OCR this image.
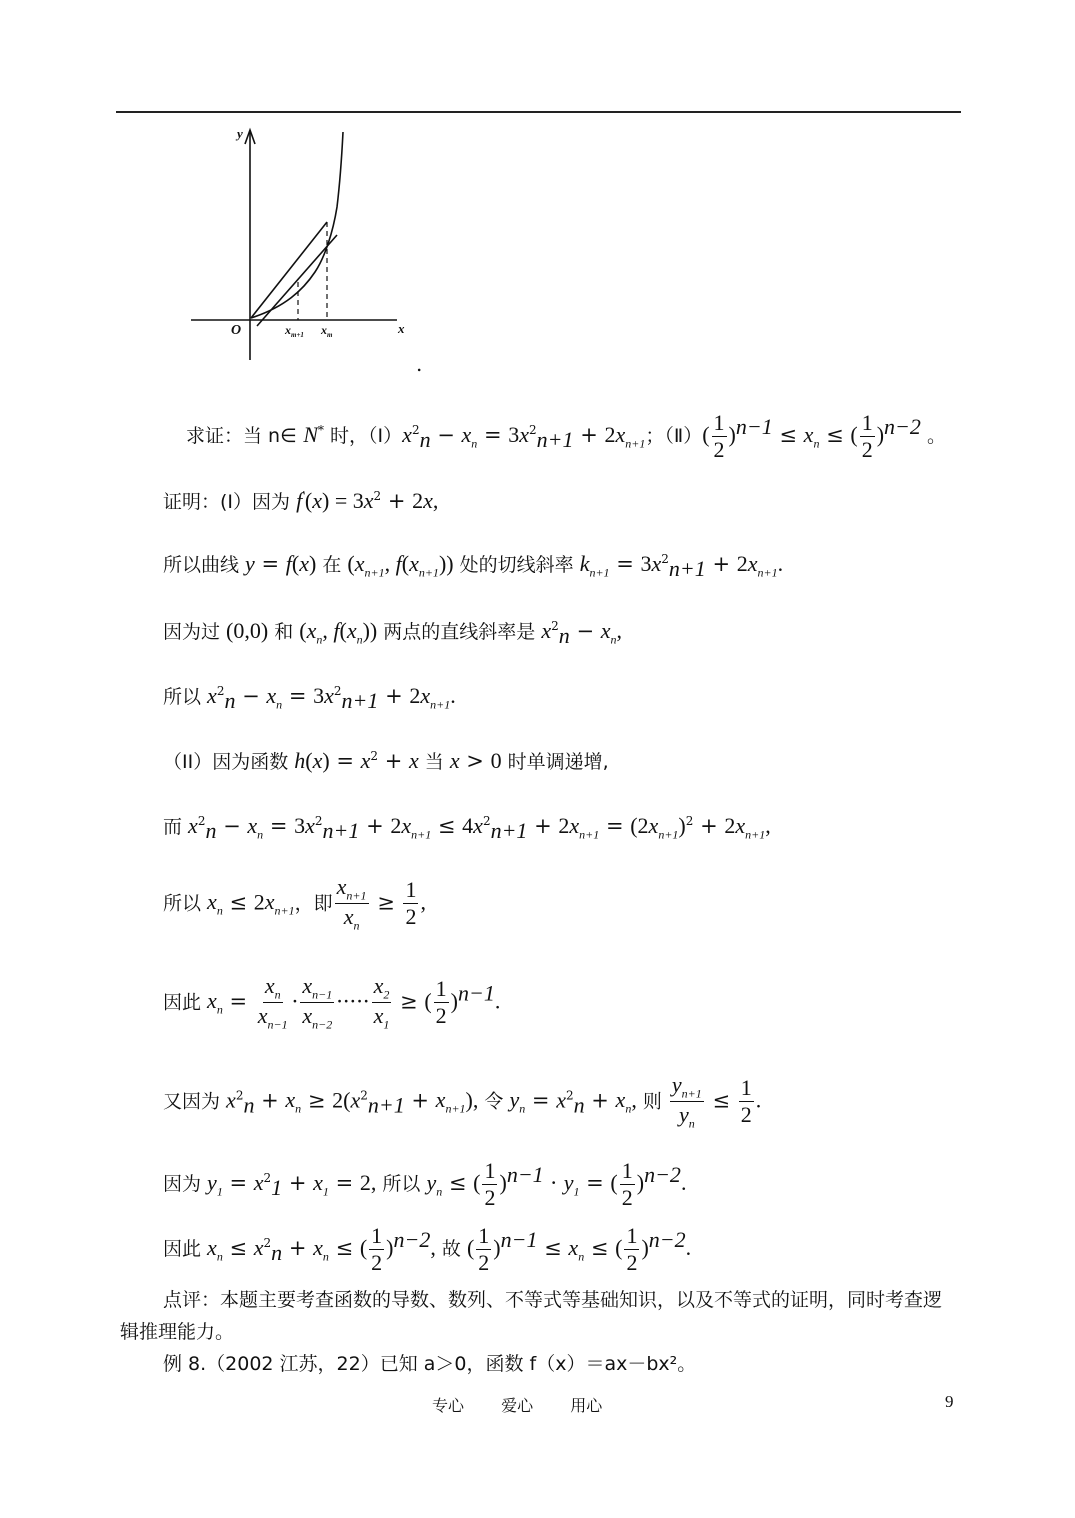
y
x
O	$x_{m+1}$ $x_m$
.
求证：当 n∈ N* 时，$(Ⅰ)x^2_n - x_n = 3x^2_{n+1} + 2x_{n+1}$；（Ⅱ）( $\frac{1}{2} )^{n-1} \le x_n$ ≤ ( $\frac{1}{2} )^{n-2}$ 。
证明：(I）因为 $f'(x) = 3x^2 + 2x$,
所以曲线 y = f(x) 在 ($x_{n+1}$, $f(x_{n+1})$) 处的切线斜率 $k_{n+1} = 3x^2_{n+1} + 2x_{n+1}$.
因为过 (0,0) 和 ($x_n$, $f(x_n)$) 两点的直线斜率是 $x^2_n - x_n$,
所以 $x^2_n - x_n = 3x^2_{n+1} + 2x_{n+1}$.
（II）因为函数 $h(x) = x^2 + x$ 当 x > 0 时单调递增,
而 $x^2_n - x_n = 3x^2_{n+1} + 2x_{n+1} \le 4x^2_{n+1} + 2x_{n+1} = (2x_{n+1})^2 + 2x_{n+1}$,
所以 $x_n \le 2x_{n+1}$，即 $\frac{x_{n+1}}{x_n} \ge \frac{1}{2}$ ,
因此 $x_n = \frac{x_n}{x_{n-1}} \cdot \frac{x_{n-1}}{x_{n-2}}$ ····· $\frac{x_2}{x_1}$ ≥ ( $\frac{1}{2} )^{n-1}$.
又因为 $x^2_n + x_n \ge 2(x^2_{n+1} + x_{n+1})$, 令 $y_n = x^2_n + x_n$, 则 $\frac{y_{n+1}}{y_n} \le \frac{1}{2}$ .
因为 $y_1 = x^2_1 + x_1 = 2$, 所以 $y_n$ ≤ ( $\frac{1}{2} )^{n-1} \cdot y_1$ = ( $\frac{1}{2} )^{n-2}$.
因此 $x_n \le x^2_n + x_n$ ≤ ( $\frac{1}{2} )^{n-2}$, 故 ( $\frac{1}{2} )^{n-1} \le x_n$ ≤ ( $\frac{1}{2} )^{n-2}$.
点评：本题主要考查函数的导数、数列、不等式等基础知识，以及不等式的证明，同时考查逻辑推理能力。
例 8.（2002 江苏，22）已知 a＞0，函数 f（x）＝ax－bx²。
专心 爱心 用心	9
